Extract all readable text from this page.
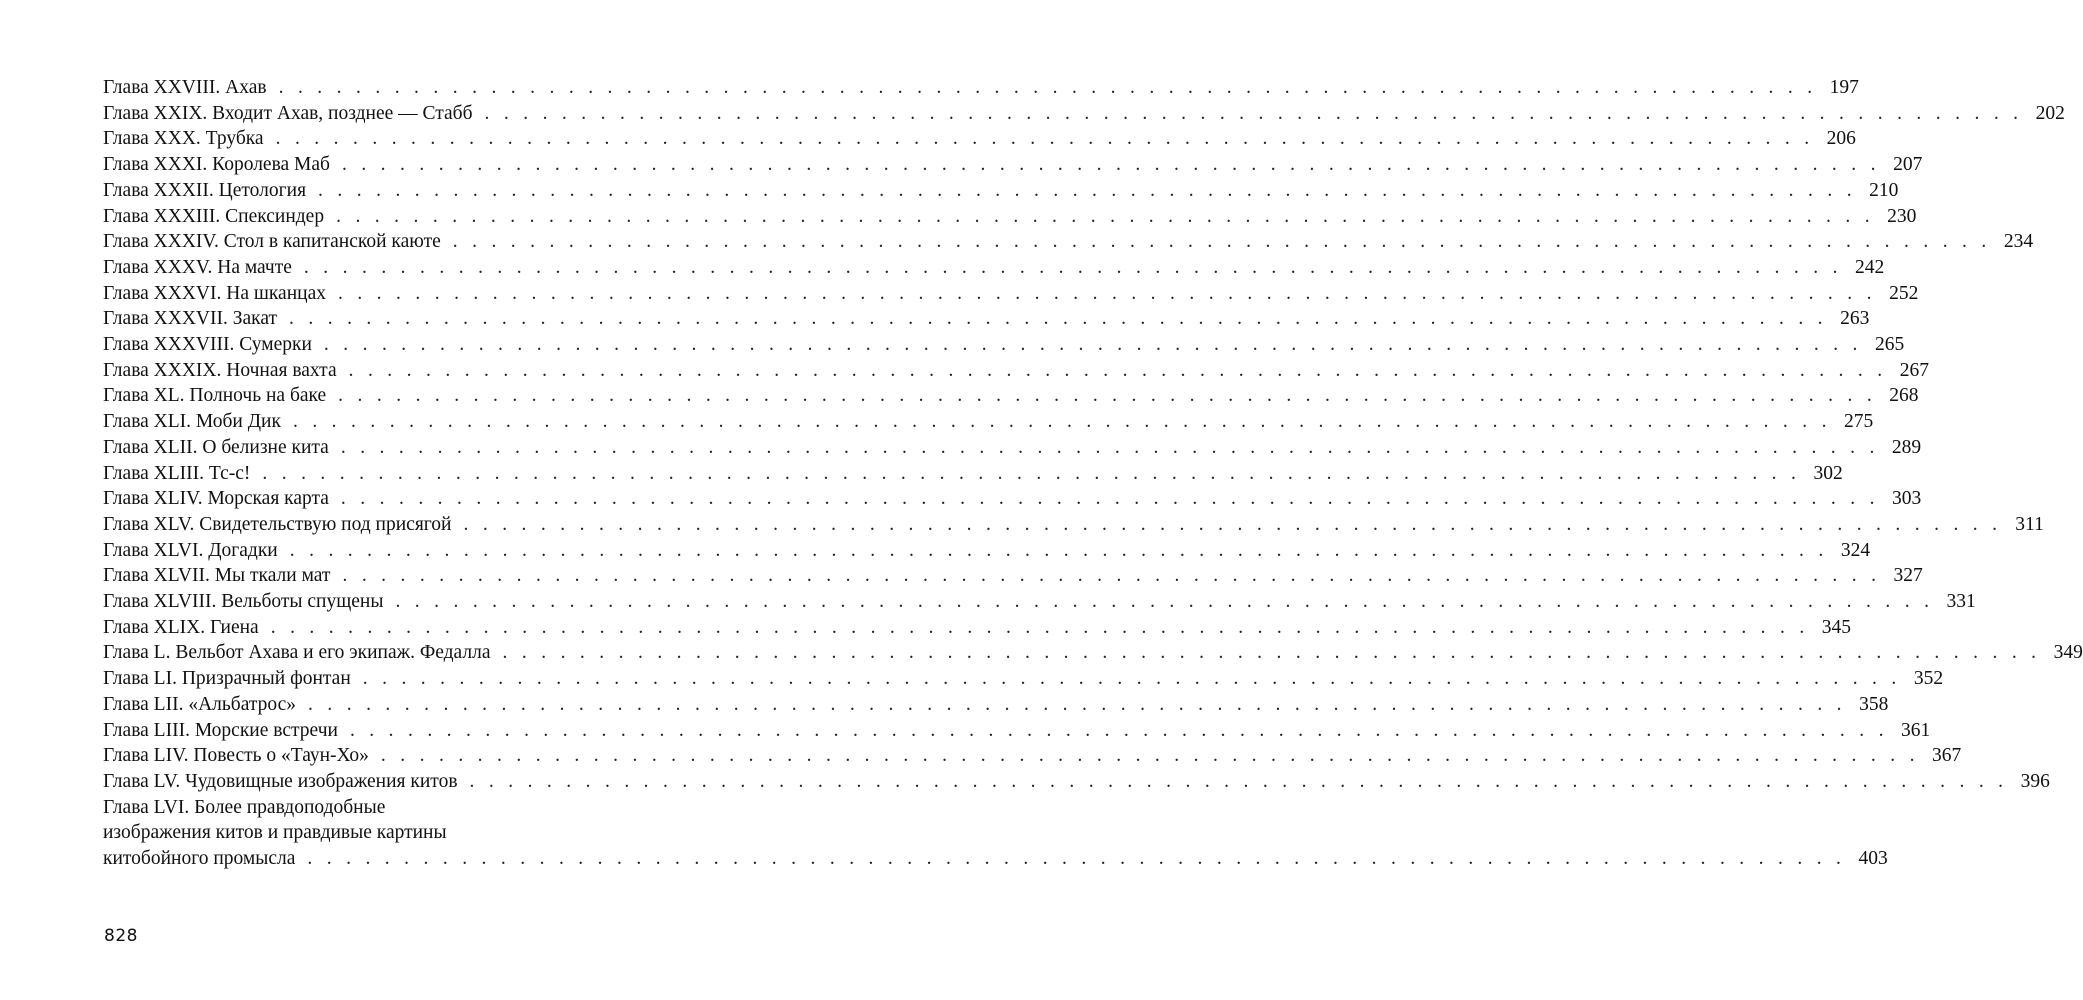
Глава XXVIII. Ахав . . . . . . . . . . . . . . . . . . . . . . . . . . . . . . . . . . . . . . . . . . . . . . . . . . . . . . . . . . . . . . . . . . . . . . . . . . . . . . . . 197
Глава XXIX. Входит Ахав, позднее — Стабб . . . . . . . . . . . . . . . . . . . . . . . . . . . . . . . . . . . . . . . . . . . . . . . . . . . . . . . . . . . . . . . . . . . . . . . . . . . . . . . . 202
Глава XXX. Трубка . . . . . . . . . . . . . . . . . . . . . . . . . . . . . . . . . . . . . . . . . . . . . . . . . . . . . . . . . . . . . . . . . . . . . . . . . . . . . . . . 206
Глава XXXI. Королева Маб . . . . . . . . . . . . . . . . . . . . . . . . . . . . . . . . . . . . . . . . . . . . . . . . . . . . . . . . . . . . . . . . . . . . . . . . . . . . . . . . 207
Глава XXXII. Цетология . . . . . . . . . . . . . . . . . . . . . . . . . . . . . . . . . . . . . . . . . . . . . . . . . . . . . . . . . . . . . . . . . . . . . . . . . . . . . . . . 210
Глава XXXIII. Спексиндер . . . . . . . . . . . . . . . . . . . . . . . . . . . . . . . . . . . . . . . . . . . . . . . . . . . . . . . . . . . . . . . . . . . . . . . . . . . . . . . . 230
Глава XXXIV. Стол в капитанской каюте . . . . . . . . . . . . . . . . . . . . . . . . . . . . . . . . . . . . . . . . . . . . . . . . . . . . . . . . . . . . . . . . . . . . . . . . . . . . . . . . 234
Глава XXXV. На мачте . . . . . . . . . . . . . . . . . . . . . . . . . . . . . . . . . . . . . . . . . . . . . . . . . . . . . . . . . . . . . . . . . . . . . . . . . . . . . . . . 242
Глава XXXVI. На шканцах . . . . . . . . . . . . . . . . . . . . . . . . . . . . . . . . . . . . . . . . . . . . . . . . . . . . . . . . . . . . . . . . . . . . . . . . . . . . . . . . 252
Глава XXXVII. Закат . . . . . . . . . . . . . . . . . . . . . . . . . . . . . . . . . . . . . . . . . . . . . . . . . . . . . . . . . . . . . . . . . . . . . . . . . . . . . . . . 263
Глава XXXVIII. Сумерки . . . . . . . . . . . . . . . . . . . . . . . . . . . . . . . . . . . . . . . . . . . . . . . . . . . . . . . . . . . . . . . . . . . . . . . . . . . . . . . . 265
Глава XXXIX. Ночная вахта . . . . . . . . . . . . . . . . . . . . . . . . . . . . . . . . . . . . . . . . . . . . . . . . . . . . . . . . . . . . . . . . . . . . . . . . . . . . . . . . 267
Глава XL. Полночь на баке . . . . . . . . . . . . . . . . . . . . . . . . . . . . . . . . . . . . . . . . . . . . . . . . . . . . . . . . . . . . . . . . . . . . . . . . . . . . . . . . 268
Глава XLI. Моби Дик . . . . . . . . . . . . . . . . . . . . . . . . . . . . . . . . . . . . . . . . . . . . . . . . . . . . . . . . . . . . . . . . . . . . . . . . . . . . . . . . 275
Глава XLII. О белизне кита . . . . . . . . . . . . . . . . . . . . . . . . . . . . . . . . . . . . . . . . . . . . . . . . . . . . . . . . . . . . . . . . . . . . . . . . . . . . . . . . 289
Глава XLIII. Тс-с! . . . . . . . . . . . . . . . . . . . . . . . . . . . . . . . . . . . . . . . . . . . . . . . . . . . . . . . . . . . . . . . . . . . . . . . . . . . . . . . . 302
Глава XLIV. Морская карта . . . . . . . . . . . . . . . . . . . . . . . . . . . . . . . . . . . . . . . . . . . . . . . . . . . . . . . . . . . . . . . . . . . . . . . . . . . . . . . . 303
Глава XLV. Свидетельствую под присягой . . . . . . . . . . . . . . . . . . . . . . . . . . . . . . . . . . . . . . . . . . . . . . . . . . . . . . . . . . . . . . . . . . . . . . . . . . . . . . . . 311
Глава XLVI. Догадки . . . . . . . . . . . . . . . . . . . . . . . . . . . . . . . . . . . . . . . . . . . . . . . . . . . . . . . . . . . . . . . . . . . . . . . . . . . . . . . . 324
Глава XLVII. Мы ткали мат . . . . . . . . . . . . . . . . . . . . . . . . . . . . . . . . . . . . . . . . . . . . . . . . . . . . . . . . . . . . . . . . . . . . . . . . . . . . . . . . 327
Глава XLVIII. Вельботы спущены . . . . . . . . . . . . . . . . . . . . . . . . . . . . . . . . . . . . . . . . . . . . . . . . . . . . . . . . . . . . . . . . . . . . . . . . . . . . . . . . 331
Глава XLIX. Гиена . . . . . . . . . . . . . . . . . . . . . . . . . . . . . . . . . . . . . . . . . . . . . . . . . . . . . . . . . . . . . . . . . . . . . . . . . . . . . . . . 345
Глава L. Вельбот Ахава и его экипаж. Федалла . . . . . . . . . . . . . . . . . . . . . . . . . . . . . . . . . . . . . . . . . . . . . . . . . . . . . . . . . . . . . . . . . . . . . . . . . . . . . . . . 349
Глава LI. Призрачный фонтан . . . . . . . . . . . . . . . . . . . . . . . . . . . . . . . . . . . . . . . . . . . . . . . . . . . . . . . . . . . . . . . . . . . . . . . . . . . . . . . . 352
Глава LII. «Альбатрос» . . . . . . . . . . . . . . . . . . . . . . . . . . . . . . . . . . . . . . . . . . . . . . . . . . . . . . . . . . . . . . . . . . . . . . . . . . . . . . . . 358
Глава LIII. Морские встречи . . . . . . . . . . . . . . . . . . . . . . . . . . . . . . . . . . . . . . . . . . . . . . . . . . . . . . . . . . . . . . . . . . . . . . . . . . . . . . . . 361
Глава LIV. Повесть о «Таун-Хо» . . . . . . . . . . . . . . . . . . . . . . . . . . . . . . . . . . . . . . . . . . . . . . . . . . . . . . . . . . . . . . . . . . . . . . . . . . . . . . . . 367
Глава LV. Чудовищные изображения китов . . . . . . . . . . . . . . . . . . . . . . . . . . . . . . . . . . . . . . . . . . . . . . . . . . . . . . . . . . . . . . . . . . . . . . . . . . . . . . . . 396
Глава LVI. Более правдоподобные
изображения китов и правдивые картины
китобойного промысла . . . . . . . . . . . . . . . . . . . . . . . . . . . . . . . . . . . . . . . . . . . . . . . . . . . . . . . . . . . . . . . . . . . . . . . . . . . . . . . . 403
828
